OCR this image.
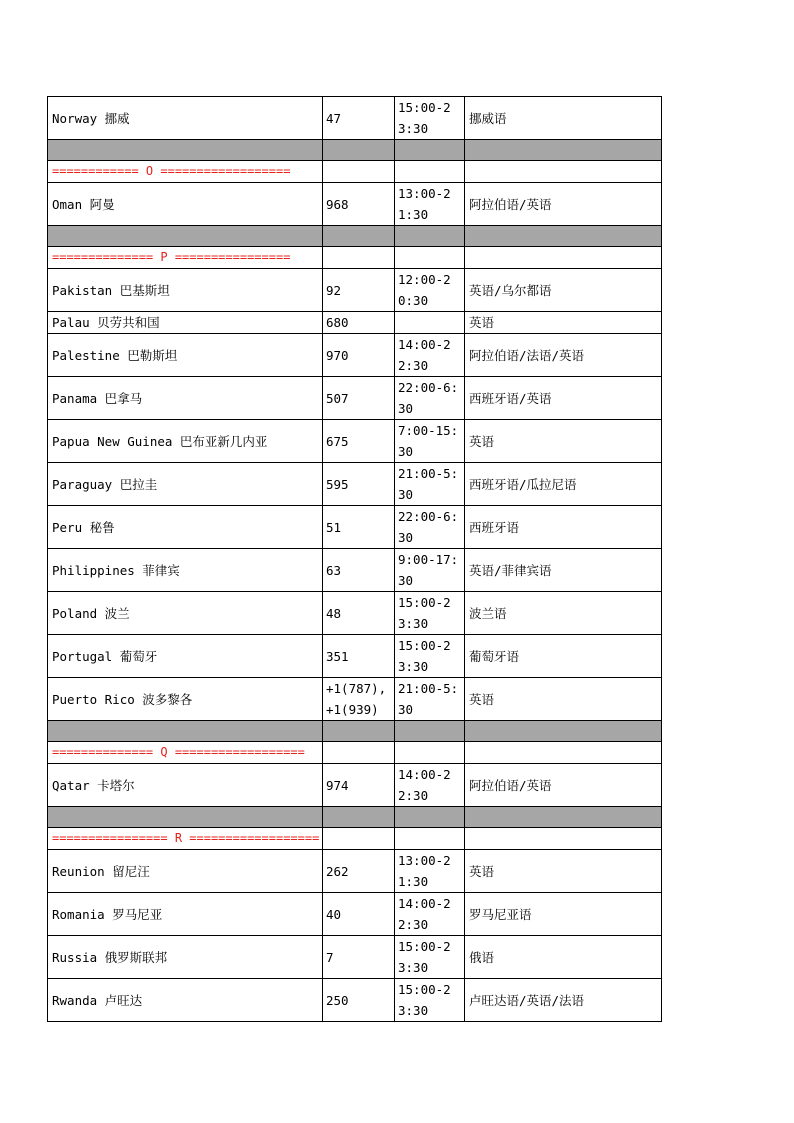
Norway 挪威	47	15:00-23:30	挪威语

============ O ==================			
Oman 阿曼	968	13:00-21:30	阿拉伯语/英语

============== P ================			
Pakistan 巴基斯坦	92	12:00-20:30	英语/乌尔都语
Palau 贝劳共和国	680		英语
Palestine 巴勒斯坦	970	14:00-22:30	阿拉伯语/法语/英语
Panama 巴拿马	507	22:00-6:30	西班牙语/英语
Papua New Guinea 巴布亚新几内亚	675	7:00-15:30	英语
Paraguay 巴拉圭	595	21:00-5:30	西班牙语/瓜拉尼语
Peru 秘鲁	51	22:00-6:30	西班牙语
Philippines 菲律宾	63	9:00-17:30	英语/菲律宾语
Poland 波兰	48	15:00-23:30	波兰语
Portugal 葡萄牙	351	15:00-23:30	葡萄牙语
Puerto Rico 波多黎各	+1(787),+1(939)	21:00-5:30	英语

============== Q ==================			
Qatar 卡塔尔	974	14:00-22:30	阿拉伯语/英语

================ R ==================			
Reunion 留尼汪	262	13:00-21:30	英语
Romania 罗马尼亚	40	14:00-22:30	罗马尼亚语
Russia 俄罗斯联邦	7	15:00-23:30	俄语
Rwanda 卢旺达	250	15:00-23:30	卢旺达语/英语/法语
